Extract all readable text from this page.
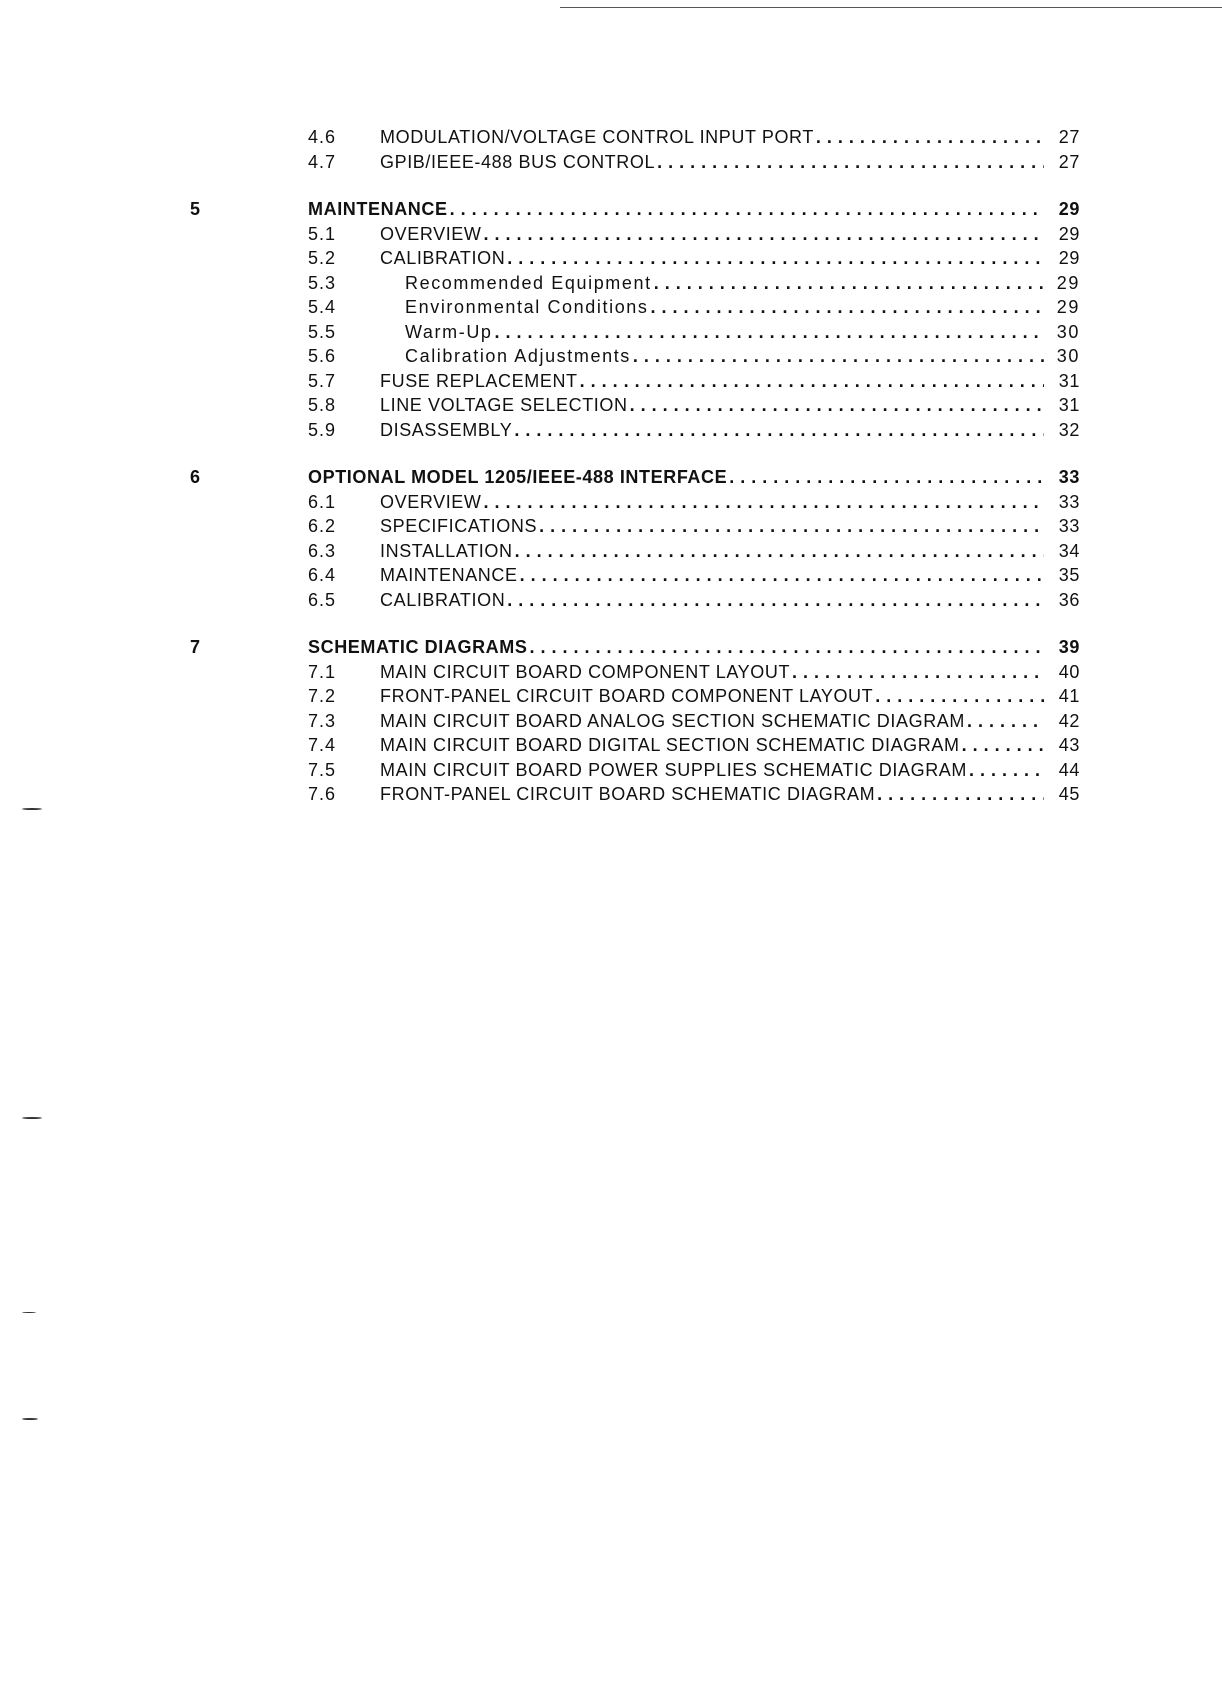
4.6 MODULATION/VOLTAGE CONTROL INPUT PORT . . .	27
4.7 GPIB/IEEE-488 BUS CONTROL . . .	27
5	MAINTENANCE . . .	29
5.1 OVERVIEW . . .	29
5.2 CALIBRATION . . .	29
5.3	Recommended Equipment . . .	29
5.4	Environmental Conditions . . .	29
5.5	Warm-Up . . .	30
5.6	Calibration Adjustments . . .	30
5.7 FUSE REPLACEMENT . . .	31
5.8 LINE VOLTAGE SELECTION . . .	31
5.9 DISASSEMBLY . . .	32
6	OPTIONAL MODEL 1205/IEEE-488 INTERFACE . . .	33
6.1 OVERVIEW . . .	33
6.2 SPECIFICATIONS . . .	33
6.3 INSTALLATION . . .	34
6.4 MAINTENANCE . . .	35
6.5 CALIBRATION . . .	36
7	SCHEMATIC DIAGRAMS . . .	39
7.1 MAIN CIRCUIT BOARD COMPONENT LAYOUT . . .	40
7.2 FRONT-PANEL CIRCUIT BOARD COMPONENT LAYOUT . . .	41
7.3 MAIN CIRCUIT BOARD ANALOG SECTION SCHEMATIC DIAGRAM . . .	42
7.4 MAIN CIRCUIT BOARD DIGITAL SECTION SCHEMATIC DIAGRAM . . .	43
7.5 MAIN CIRCUIT BOARD POWER SUPPLIES SCHEMATIC DIAGRAM . . .	44
7.6 FRONT-PANEL CIRCUIT BOARD SCHEMATIC DIAGRAM . . .	45
